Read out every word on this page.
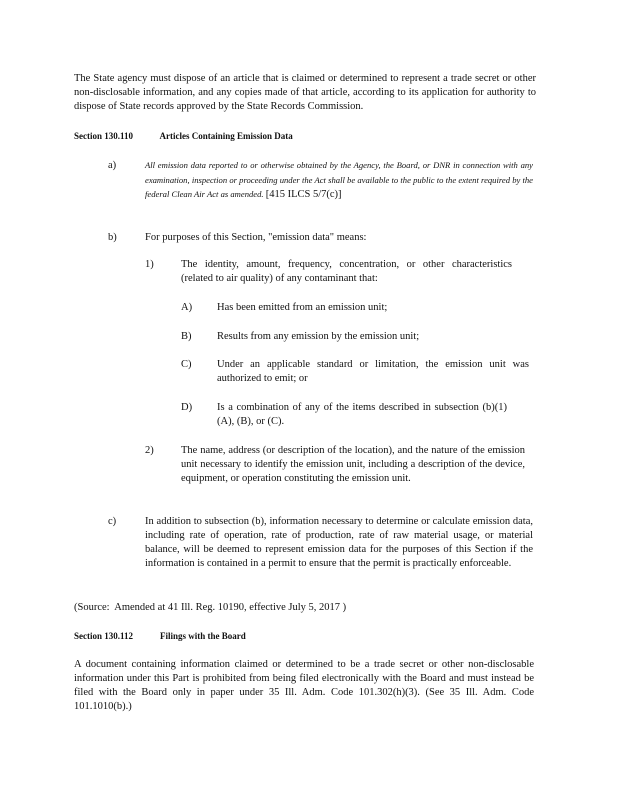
The State agency must dispose of an article that is claimed or determined to represent a trade secret or other non-disclosable information, and any copies made of that article, according to its application for authority to dispose of State records approved by the State Records Commission.

Section 130.110            Articles Containing Emission Data
a)	All emission data reported to or otherwise obtained by the Agency, the Board, or DNR in connection with any examination, inspection or proceeding under the Act shall be available to the public to the extent required by the federal Clean Air Act as amended. [415 ILCS 5/7(c)]
b)	For purposes of this Section, "emission data" means:
1)	The identity, amount, frequency, concentration, or other characteristics (related to air quality) of any contaminant that:
A) Has been emitted from an emission unit;
B) Results from any emission by the emission unit;
C) Under an applicable standard or limitation, the emission unit was authorized to emit; or
D) Is a combination of any of the items described in subsection (b)(1)(A), (B), or (C).
2)	The name, address (or description of the location), and the nature of the emission unit necessary to identify the emission unit, including a description of the device, equipment, or operation constituting the emission unit.
c)	In addition to subsection (b), information necessary to determine or calculate emission data, including rate of operation, rate of production, rate of raw material usage, or material balance, will be deemed to represent emission data for the purposes of this Section if the information is contained in a permit to ensure that the permit is practically enforceable.
(Source:  Amended at 41 Ill. Reg. 10190, effective July 5, 2017 )
Section 130.112            Filings with the Board

A document containing information claimed or determined to be a trade secret or other non-disclosable information under this Part is prohibited from being filed electronically with the Board and must instead be filed with the Board only in paper under 35 Ill. Adm. Code 101.302(h)(3). (See 35 Ill. Adm. Code 101.1010(b).)
